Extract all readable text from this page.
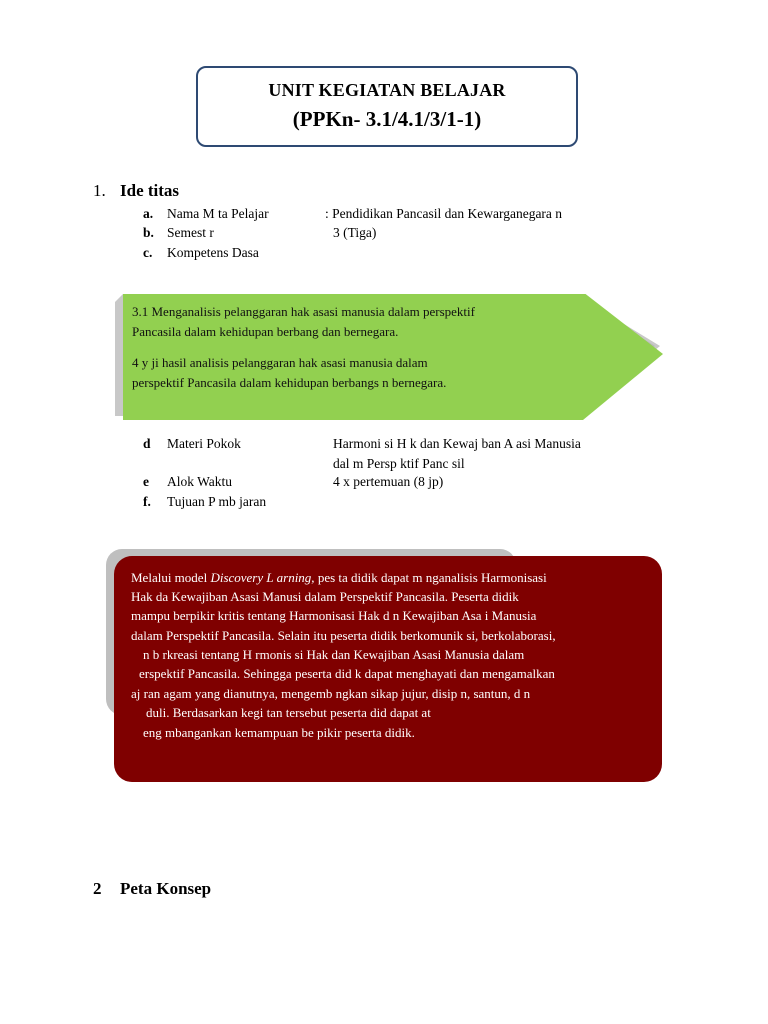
UNIT KEGIATAN BELAJAR
(PPKn- 3.1/4.1/3/1-1)
1. Ide titas
a. Nama M ta Pelajar	: Pendidikan Pancasil dan Kewarganegara n
b. Semest r	3 (Tiga)
c. Kompetens Dasa
3.1 Menganalisis pelanggaran hak asasi manusia dalam perspektif
Pancasila dalam kehidupan berbang dan bernegara.
4 y ji hasil analisis pelanggaran hak asasi manusia dalam
perspektif Pancasila dalam kehidupan berbangs n bernegara.
d Materi Pokok	Harmoni si H k dan Kewaj ban A asi Manusia
dal m Persp ktif Panc sil
e Alok Waktu	4 x pertemuan (8 jp)
f. Tujuan P mb jaran
Melalui model Discovery L arning, pes ta didik dapat m nganalisis Harmonisasi
Hak da Kewajiban Asasi Manusi dalam Perspektif Pancasila. Peserta didik
mampu berpikir kritis tentang Harmonisasi Hak d n Kewajiban Asa i Manusia
dalam Perspektif Pancasila. Selain itu peserta didik berkomunik si, berkolaborasi,
n b rkreasi tentang H rmonis si Hak dan Kewajiban Asasi Manusia dalam
erspektif Pancasila. Sehingga peserta did k dapat menghayati dan mengamalkan
aj ran agam yang dianutnya, mengemb ngkan sikap jujur, disip n, santun, d n
duli. Berdasarkan kegi tan tersebut peserta did dapat at
eng mbangankan kemampuan be pikir peserta didik.
2 Peta Konsep
